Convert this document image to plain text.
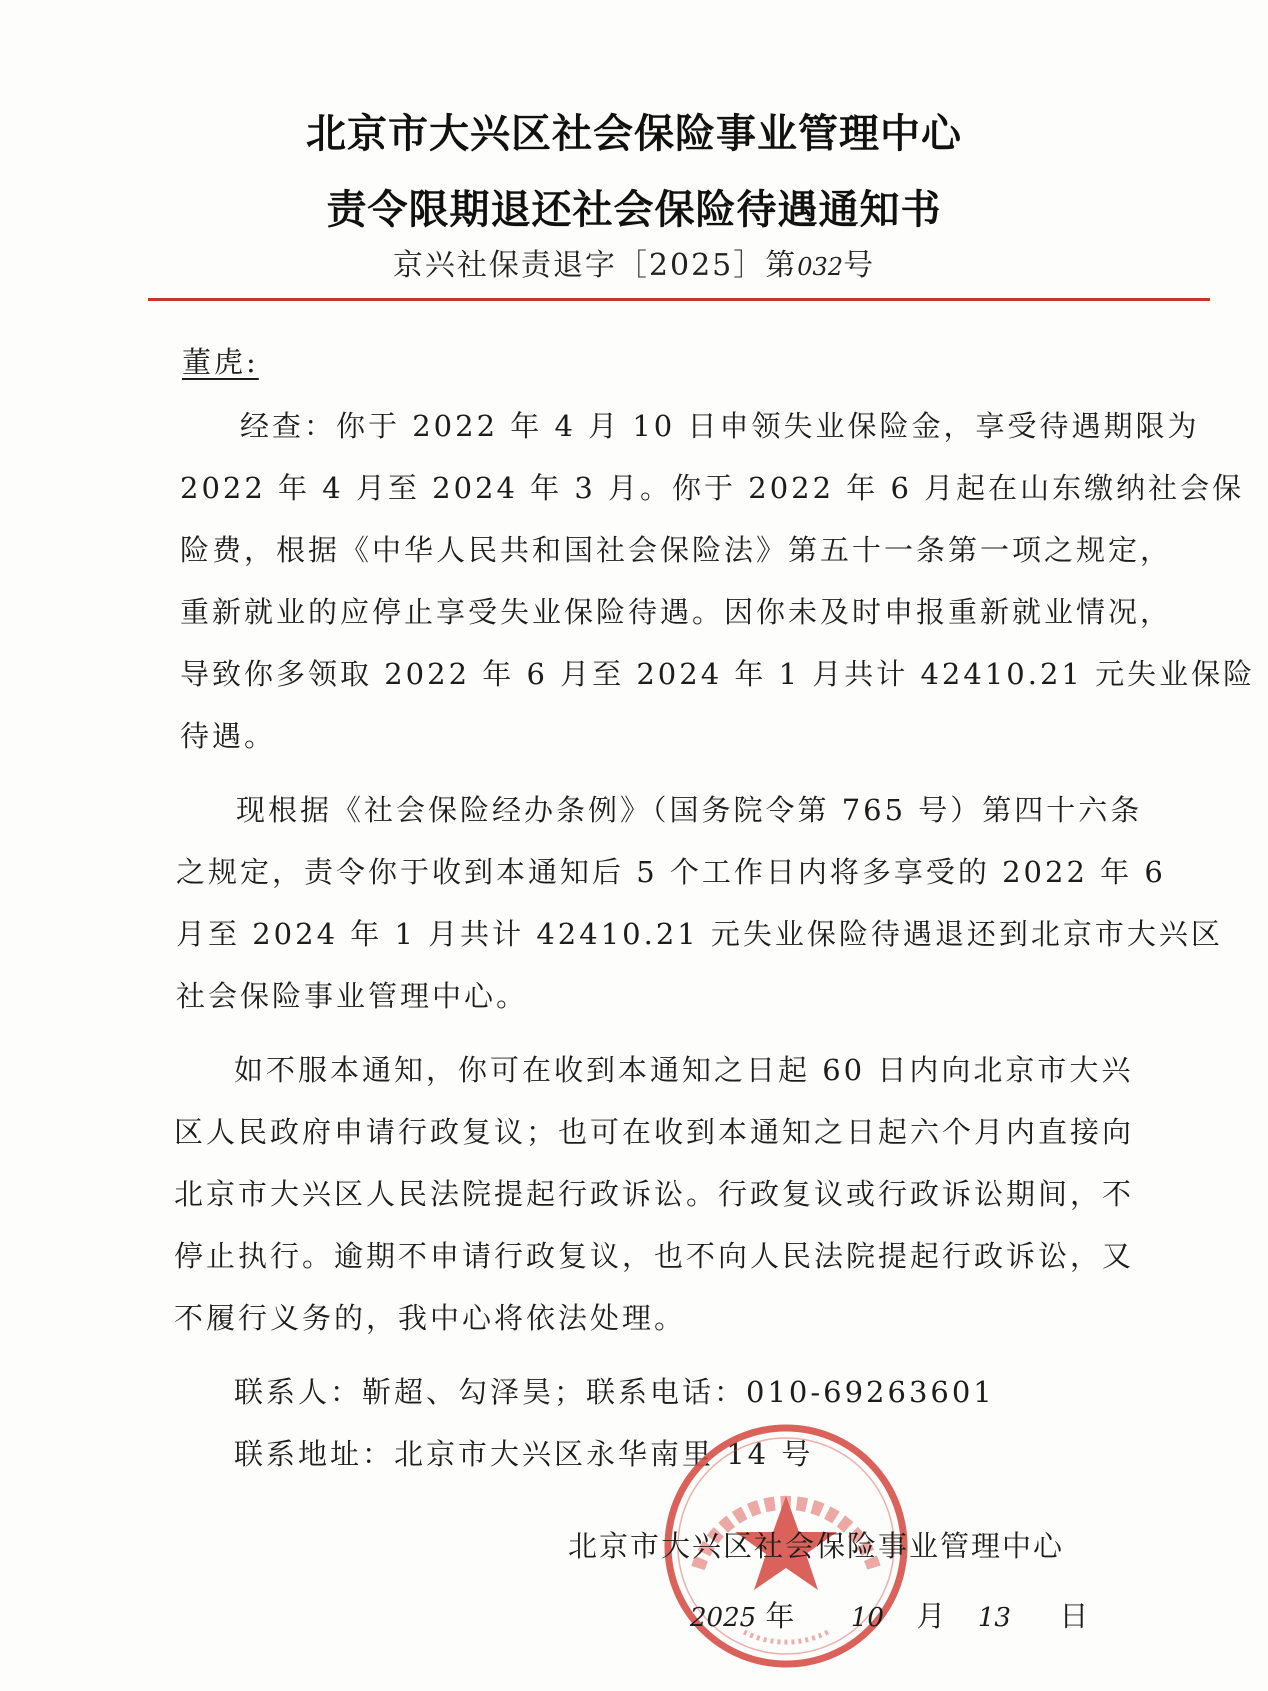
北京市大兴区社会保险事业管理中心
责令限期退还社会保险待遇通知书
京兴社保责退字［2025］第032号
董虎:
经查：你于 2022 年 4 月 10 日申领失业保险金，享受待遇期限为
2022 年 4 月至 2024 年 3 月。你于 2022 年 6 月起在山东缴纳社会保
险费，根据《中华人民共和国社会保险法》第五十一条第一项之规定，
重新就业的应停止享受失业保险待遇。因你未及时申报重新就业情况，
导致你多领取 2022 年 6 月至 2024 年 1 月共计 42410.21 元失业保险
待遇。
现根据《社会保险经办条例》（国务院令第 765 号）第四十六条
之规定，责令你于收到本通知后 5 个工作日内将多享受的 2022 年 6
月至 2024 年 1 月共计 42410.21 元失业保险待遇退还到北京市大兴区
社会保险事业管理中心。
如不服本通知，你可在收到本通知之日起 60 日内向北京市大兴
区人民政府申请行政复议；也可在收到本通知之日起六个月内直接向
北京市大兴区人民法院提起行政诉讼。行政复议或行政诉讼期间，不
停止执行。逾期不申请行政复议，也不向人民法院提起行政诉讼，又
不履行义务的，我中心将依法处理。
联系人：靳超、勾泽昊；联系电话：010-69263601
联系地址：北京市大兴区永华南里 14 号
北京市大兴区社会保险事业管理中心
2025 年 10 月 13 日
